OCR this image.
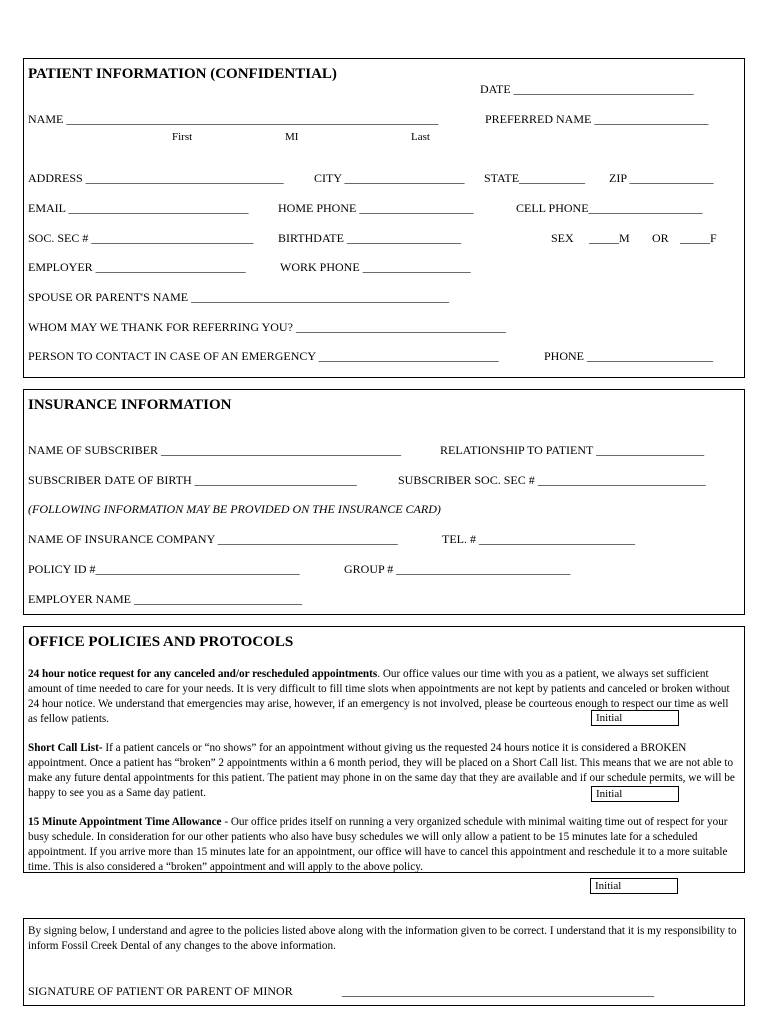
PATIENT INFORMATION (CONFIDENTIAL)
DATE ______________________________
NAME ______________________________________________________________	PREFERRED NAME ___________________
First	MI	Last
ADDRESS _________________________________	CITY ____________________ STATE___________ ZIP ______________
EMAIL ______________________________ HOME PHONE ___________________	CELL PHONE___________________
SOC. SEC # ___________________________ BIRTHDATE ___________________	SEX _____M OR _____F
EMPLOYER _________________________	WORK PHONE __________________
SPOUSE OR PARENT'S NAME ___________________________________________
WHOM MAY WE THANK FOR REFERRING YOU? ___________________________________
PERSON TO CONTACT IN CASE OF AN EMERGENCY ______________________________	PHONE _____________________
INSURANCE INFORMATION
NAME OF SUBSCRIBER ________________________________________	RELATIONSHIP TO PATIENT __________________
SUBSCRIBER DATE OF BIRTH ___________________________	SUBSCRIBER SOC. SEC # ____________________________
(FOLLOWING INFORMATION MAY BE PROVIDED ON THE INSURANCE CARD)
NAME OF INSURANCE COMPANY ______________________________	TEL. # __________________________
POLICY ID #__________________________________	GROUP # _____________________________
EMPLOYER NAME ____________________________
OFFICE POLICIES AND PROTOCOLS
24 hour notice request for any canceled and/or rescheduled appointments. Our office values our time with you as a patient, we always set sufficient amount of time needed to care for your needs. It is very difficult to fill time slots when appointments are not kept by patients and canceled or broken without 24 hour notice. We understand that emergencies may arise, however, if an emergency is not involved, please be courteous enough to respect our time as well as fellow patients.	Initial
Short Call List- If a patient cancels or “no shows” for an appointment without giving us the requested 24 hours notice it is considered a BROKEN appointment. Once a patient has “broken” 2 appointments within a 6 month period, they will be placed on a Short Call list. This means that we are not able to make any future dental appointments for this patient. The patient may phone in on the same day that they are available and if our schedule permits, we will be happy to see you as a Same day patient.	Initial
15 Minute Appointment Time Allowance - Our office prides itself on running a very organized schedule with minimal waiting time out of respect for your busy schedule. In consideration for our other patients who also have busy schedules we will only allow a patient to be 15 minutes late for a scheduled appointment. If you arrive more than 15 minutes late for an appointment, our office will have to cancel this appointment and reschedule it to a more suitable time. This is also considered a “broken” appointment and will apply to the above policy.
Initial
By signing below, I understand and agree to the policies listed above along with the information given to be correct. I understand that it is my responsibility to inform Fossil Creek Dental of any changes to the above information.
SIGNATURE OF PATIENT OR PARENT OF MINOR	____________________________________________________
